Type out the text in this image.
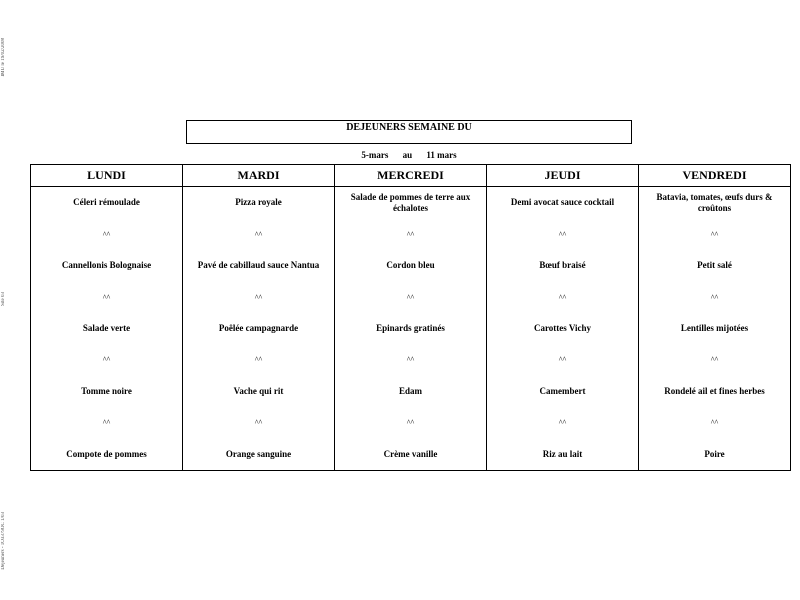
IMU le 19/02/2008
Site 03
Déjeuners - 1O3379OC 1/03
DEJEUNERS SEMAINE DU
5-mars au 11 mars
LUNDI
Céleri rémoulade
^^
Cannellonis Bolognaise
^^
Salade verte
^^
Tomme noire
^^
Compote de pommes
MARDI
Pizza royale
^^
Pavé de cabillaud sauce Nantua
^^
Poêlée campagnarde
^^
Vache qui rit
^^
Orange sanguine
MERCREDI
Salade de pommes de terre aux échalotes
^^
Cordon bleu
^^
Epinards gratinés
^^
Edam
^^
Crème vanille
JEUDI
Demi avocat sauce cocktail
^^
Bœuf braisé
^^
Carottes Vichy
^^
Camembert
^^
Riz au lait
VENDREDI
Batavia, tomates, œufs durs & croûtons
^^
Petit salé
^^
Lentilles mijotées
^^
Rondelé ail et fines herbes
^^
Poire
